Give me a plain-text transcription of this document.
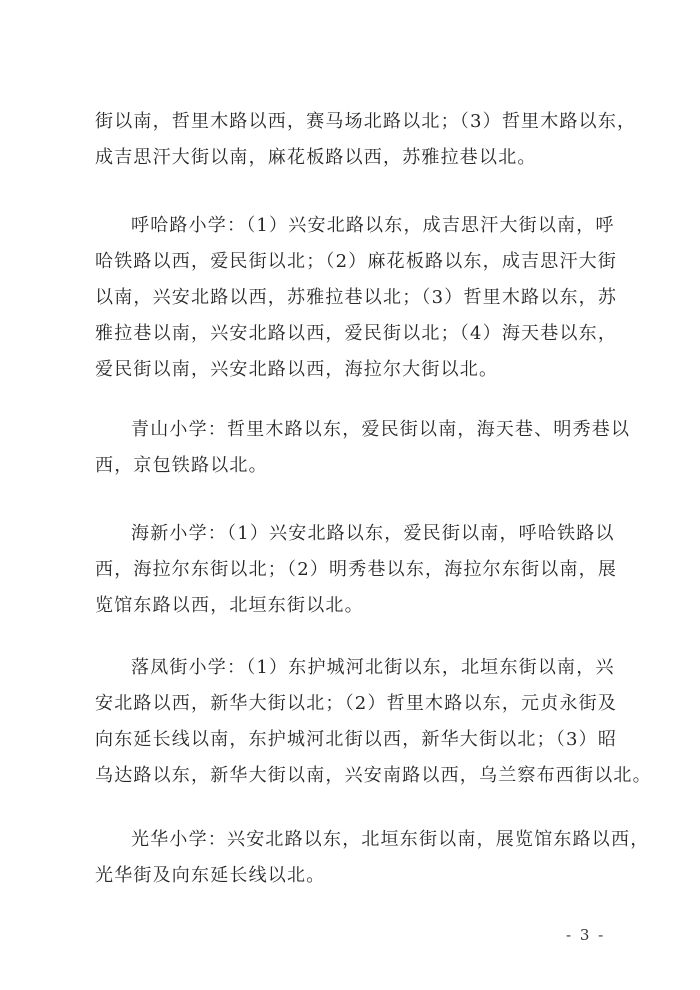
街以南，哲里木路以西，赛马场北路以北；（3）哲里木路以东，
成吉思汗大街以南，麻花板路以西，苏雅拉巷以北。
呼哈路小学：（1）兴安北路以东，成吉思汗大街以南，呼
哈铁路以西，爱民街以北；（2）麻花板路以东，成吉思汗大街
以南，兴安北路以西，苏雅拉巷以北；（3）哲里木路以东，苏
雅拉巷以南，兴安北路以西，爱民街以北；（4）海天巷以东，
爱民街以南，兴安北路以西，海拉尔大街以北。
青山小学：哲里木路以东，爱民街以南，海天巷、明秀巷以
西，京包铁路以北。
海新小学：（1）兴安北路以东，爱民街以南，呼哈铁路以
西，海拉尔东街以北；（2）明秀巷以东，海拉尔东街以南，展
览馆东路以西，北垣东街以北。
落凤街小学：（1）东护城河北街以东，北垣东街以南，兴
安北路以西，新华大街以北；（2）哲里木路以东，元贞永街及
向东延长线以南，东护城河北街以西，新华大街以北；（3）昭
乌达路以东，新华大街以南，兴安南路以西，乌兰察布西街以北。
光华小学：兴安北路以东，北垣东街以南，展览馆东路以西，
光华街及向东延长线以北。
- 3 -
